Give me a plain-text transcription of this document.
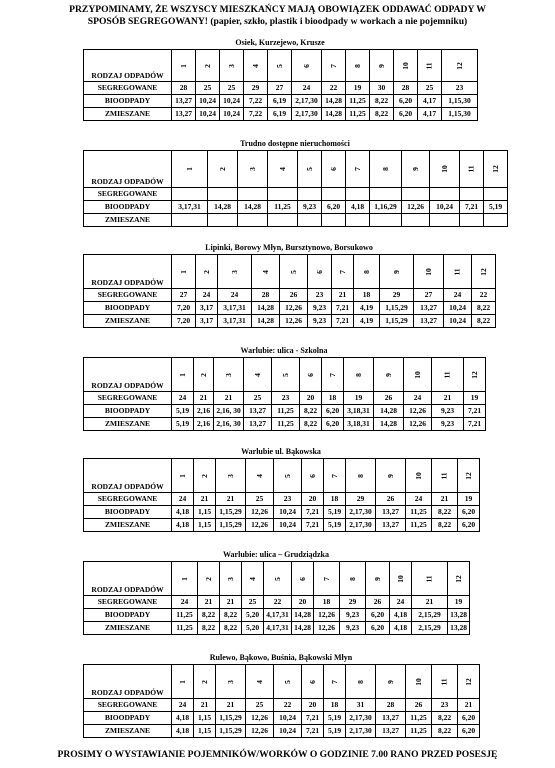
PRZYPOMINAMY, ŻE WSZYSCY MIESZKAŃCY MAJĄ OBOWIĄZEK ODDAWAĆ ODPADY W
SPOSÓB SEGREGOWANY! (papier, szkło, plastik i bioodpady w workach a nie pojemniku)
Osiek, Kurzejewo, Krusze
RODZAJ ODPADÓW	1	2	3	4	5	6	7	8	9	10	11	12
SEGREGOWANE	28	25	25	29	27	24	22	19	30	28	25	23
BIOODPADY	13,27	10,24	10,24	7,22	6,19	2,17,30	14,28	11,25	8,22	6,20	4,17	1,15,30
ZMIESZANE	13,27	10,24	10,24	7,22	6,19	2,17,30	14,28	11,25	8,22	6,20	4,17	1,15,30
Trudno dostępne nieruchomości
RODZAJ ODPADÓW	1	2	3	4	5	6	7	8	9	10	11	12
SEGREGOWANE												
BIOODPADY	3,17,31	14,28	14,28	11,25	9,23	6,20	4,18	1,16,29	12,26	10,24	7,21	5,19
ZMIESZANE												
Lipinki, Borowy Młyn, Bursztynowo, Borsukowo
RODZAJ ODPADÓW	1	2	3	4	5	6	7	8	9	10	11	12
SEGREGOWANE	27	24	24	28	26	23	21	18	29	27	24	22
BIOODPADY	7,20	3,17	3,17,31	14,28	12,26	9,23	7,21	4,19	1,15,29	13,27	10,24	8,22
ZMIESZANE	7,20	3,17	3,17,31	14,28	12,26	9,23	7,21	4,19	1,15,29	13,27	10,24	8,22
Warlubie: ulica - Szkolna
RODZAJ ODPADÓW	1	2	3	4	5	6	7	8	9	10	11	12
SEGREGOWANE	24	21	21	25	23	20	18	19	26	24	21	19
BIOODPADY	5,19	2,16	2,16, 30	13,27	11,25	8,22	6,20	3,18,31	14,28	12,26	9,23	7,21
ZMIESZANE	5,19	2,16	2,16, 30	13,27	11,25	8,22	6,20	3,18,31	14,28	12,26	9,23	7,21
Warlubie ul. Bąkowska
RODZAJ ODPADÓW	1	2	3	4	5	6	7	8	9	10	11	12
SEGREGOWANE	24	21	21	25	23	20	18	29	26	24	21	19
BIOODPADY	4,18	1,15	1,15,29	12,26	10,24	7,21	5,19	2,17,30	13,27	11,25	8,22	6,20
ZMIESZANE	4,18	1,15	1,15,29	12,26	10,24	7,21	5,19	2,17,30	13,27	11,25	8,22	6,20
Warlubie: ulica – Grudziądzka
RODZAJ ODPADÓW	1	2	3	4	5	6	7	8	9	10	11	12
SEGREGOWANE	24	21	21	25	22	20	18	29	26	24	21	19
BIOODPADY	11,25	8,22	8,22	5,20	4,17,31	14,28	12,26	9,23	6,20	4,18	2,15,29	13,28
ZMIESZANE	11,25	8,22	8,22	5,20	4,17,31	14,28	12,26	9,23	6,20	4,18	2,15,29	13,28
Rulewo, Bąkowo, Buśnia, Bąkowski Młyn
RODZAJ ODPADÓW	1	2	3	4	5	6	7	8	9	10	11	12
SEGREGOWANE	24	21	21	25	22	20	18	31	28	26	23	21
BIOODPADY	4,18	1,15	1,15,29	12,26	10,24	7,21	5,19	2,17,30	13,27	11,25	8,22	6,20
ZMIESZANE	4,18	1,15	1,15,29	12,26	10,24	7,21	5,19	2,17,30	13,27	11,25	8,22	6,20
PROSIMY O WYSTAWIANIE POJEMNIKÓW/WORKÓW O GODZINIE 7.00 RANO PRZED POSESJĘ
